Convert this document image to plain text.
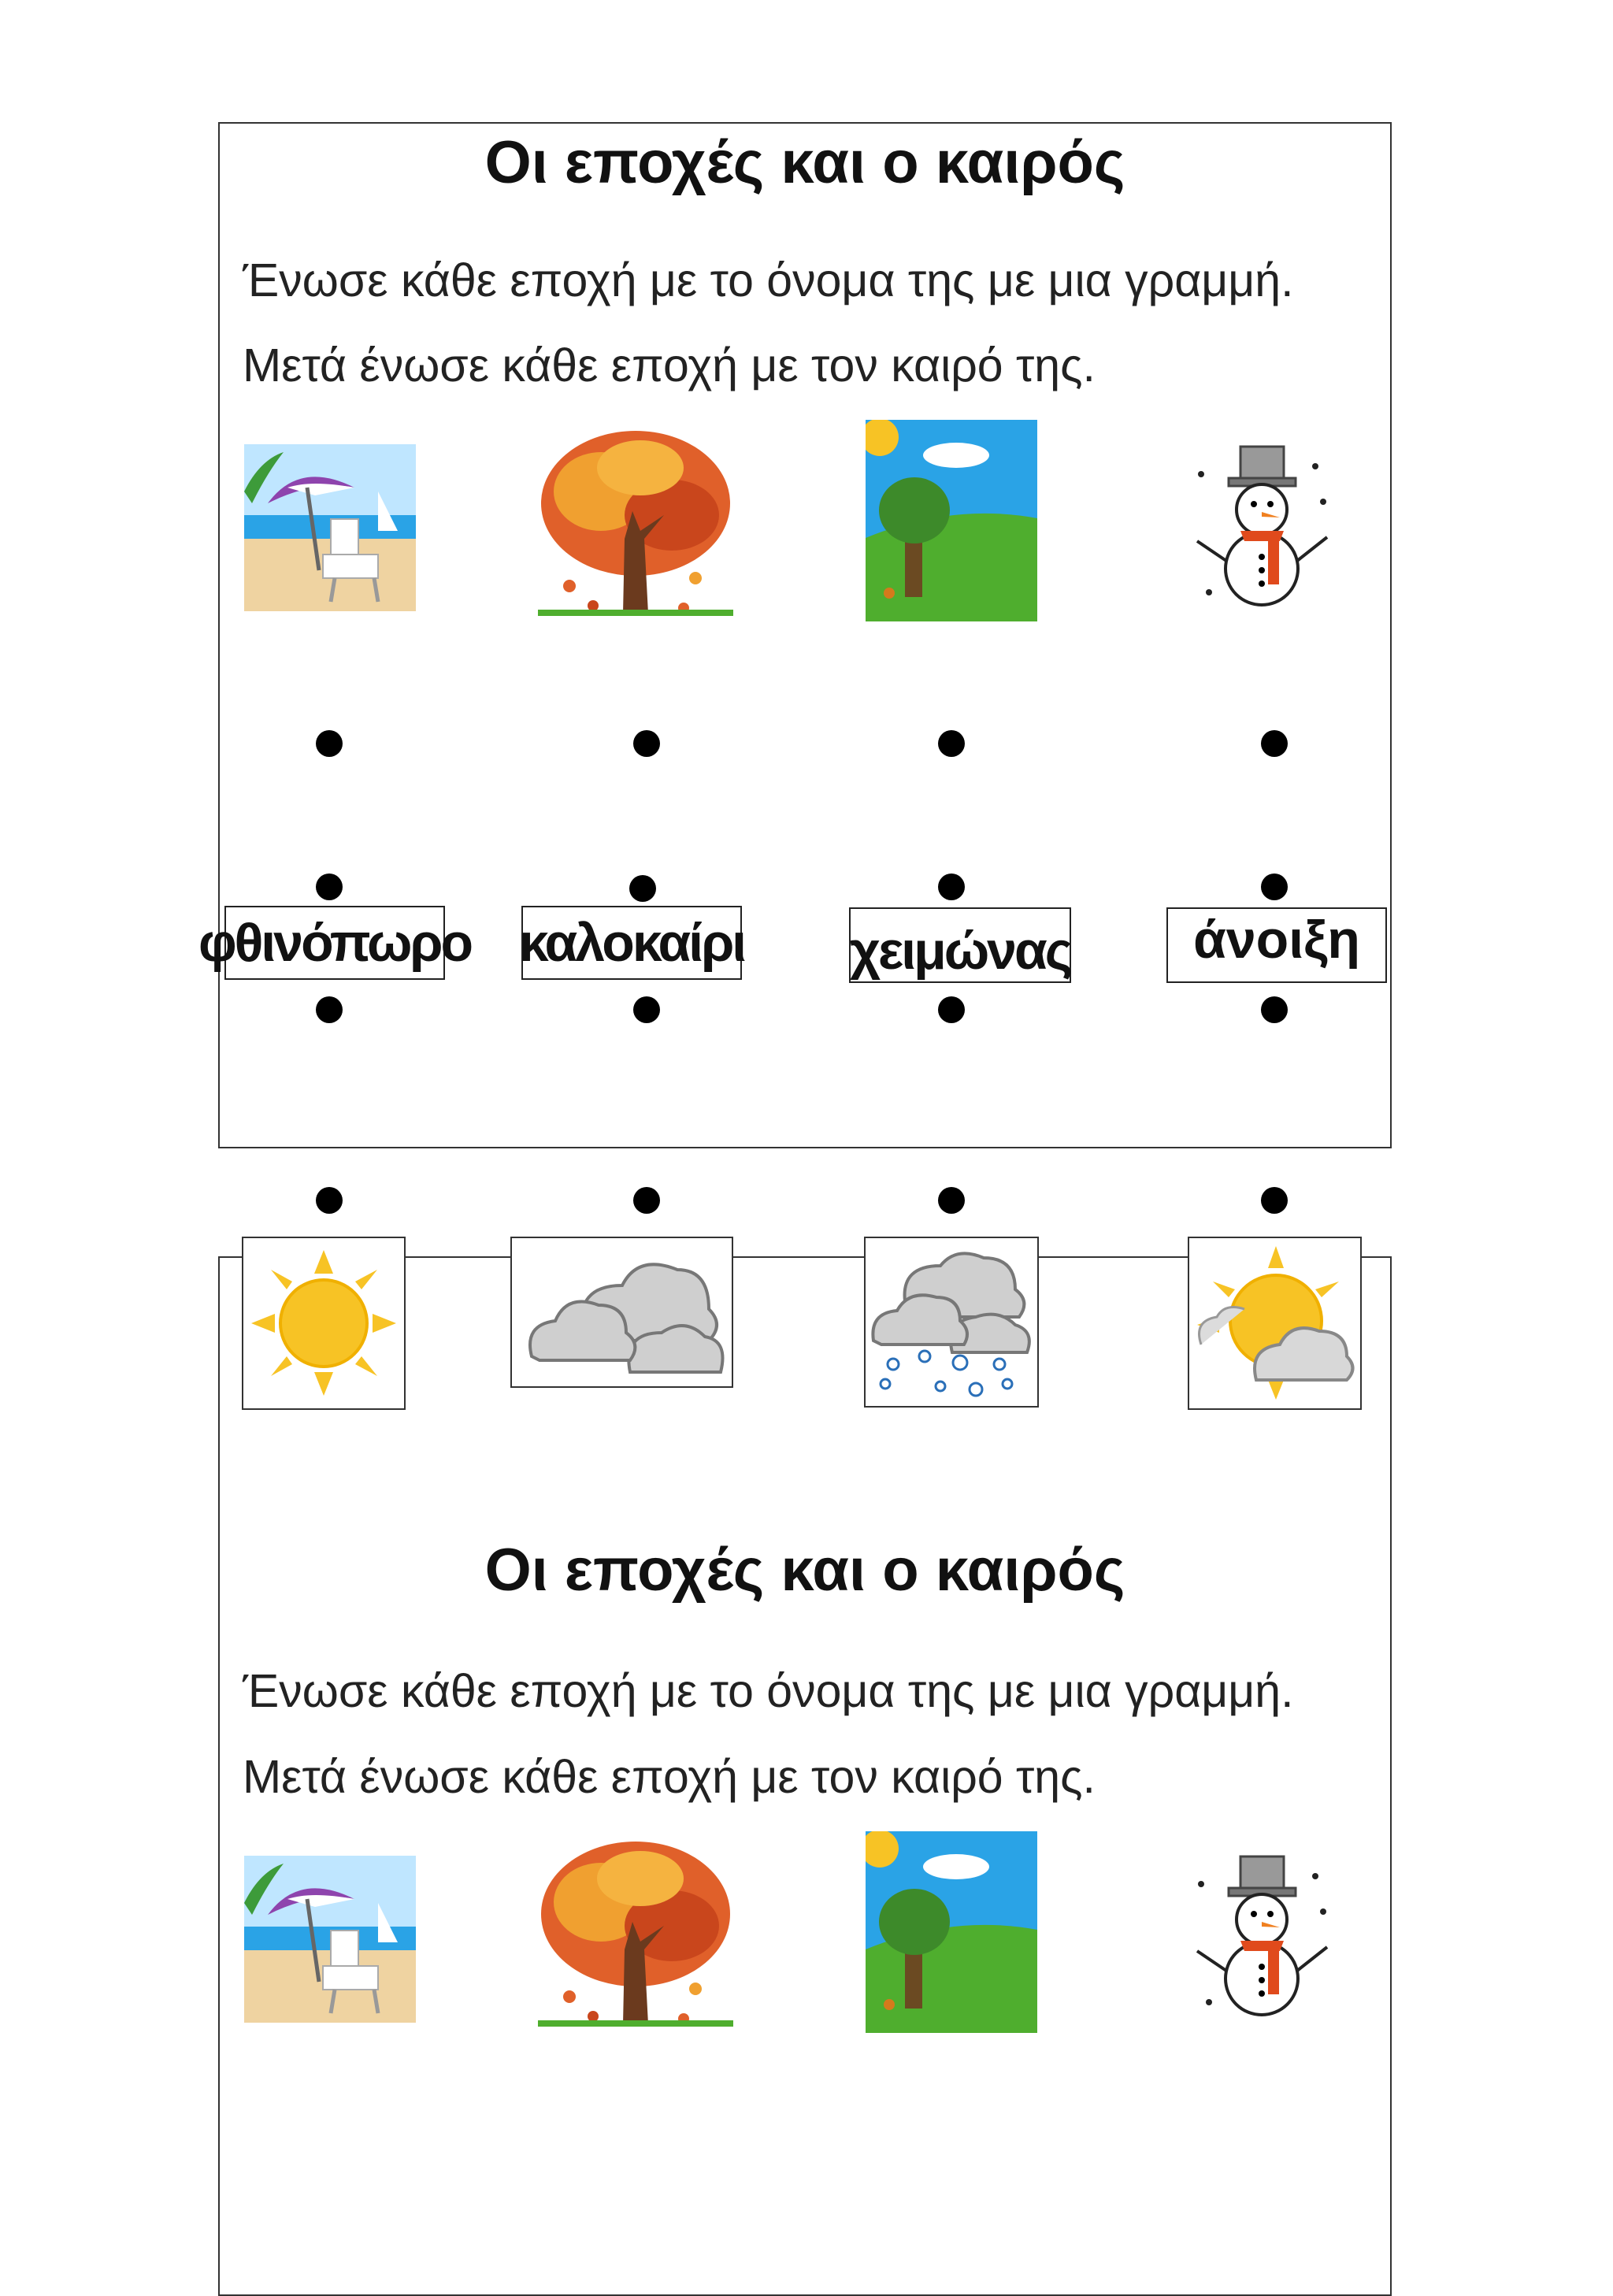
Οι εποχές και ο καιρός
Ένωσε κάθε εποχή με το όνομα της με μια γραμμή.
Μετά ένωσε κάθε εποχή με τον καιρό της.
φθινόπωρο καλοκαίρι χειμώνας	άνοιξη
Οι εποχές και ο καιρός
Ένωσε κάθε εποχή με το όνομα της με μια γραμμή.
Μετά ένωσε κάθε εποχή με τον καιρό της.
